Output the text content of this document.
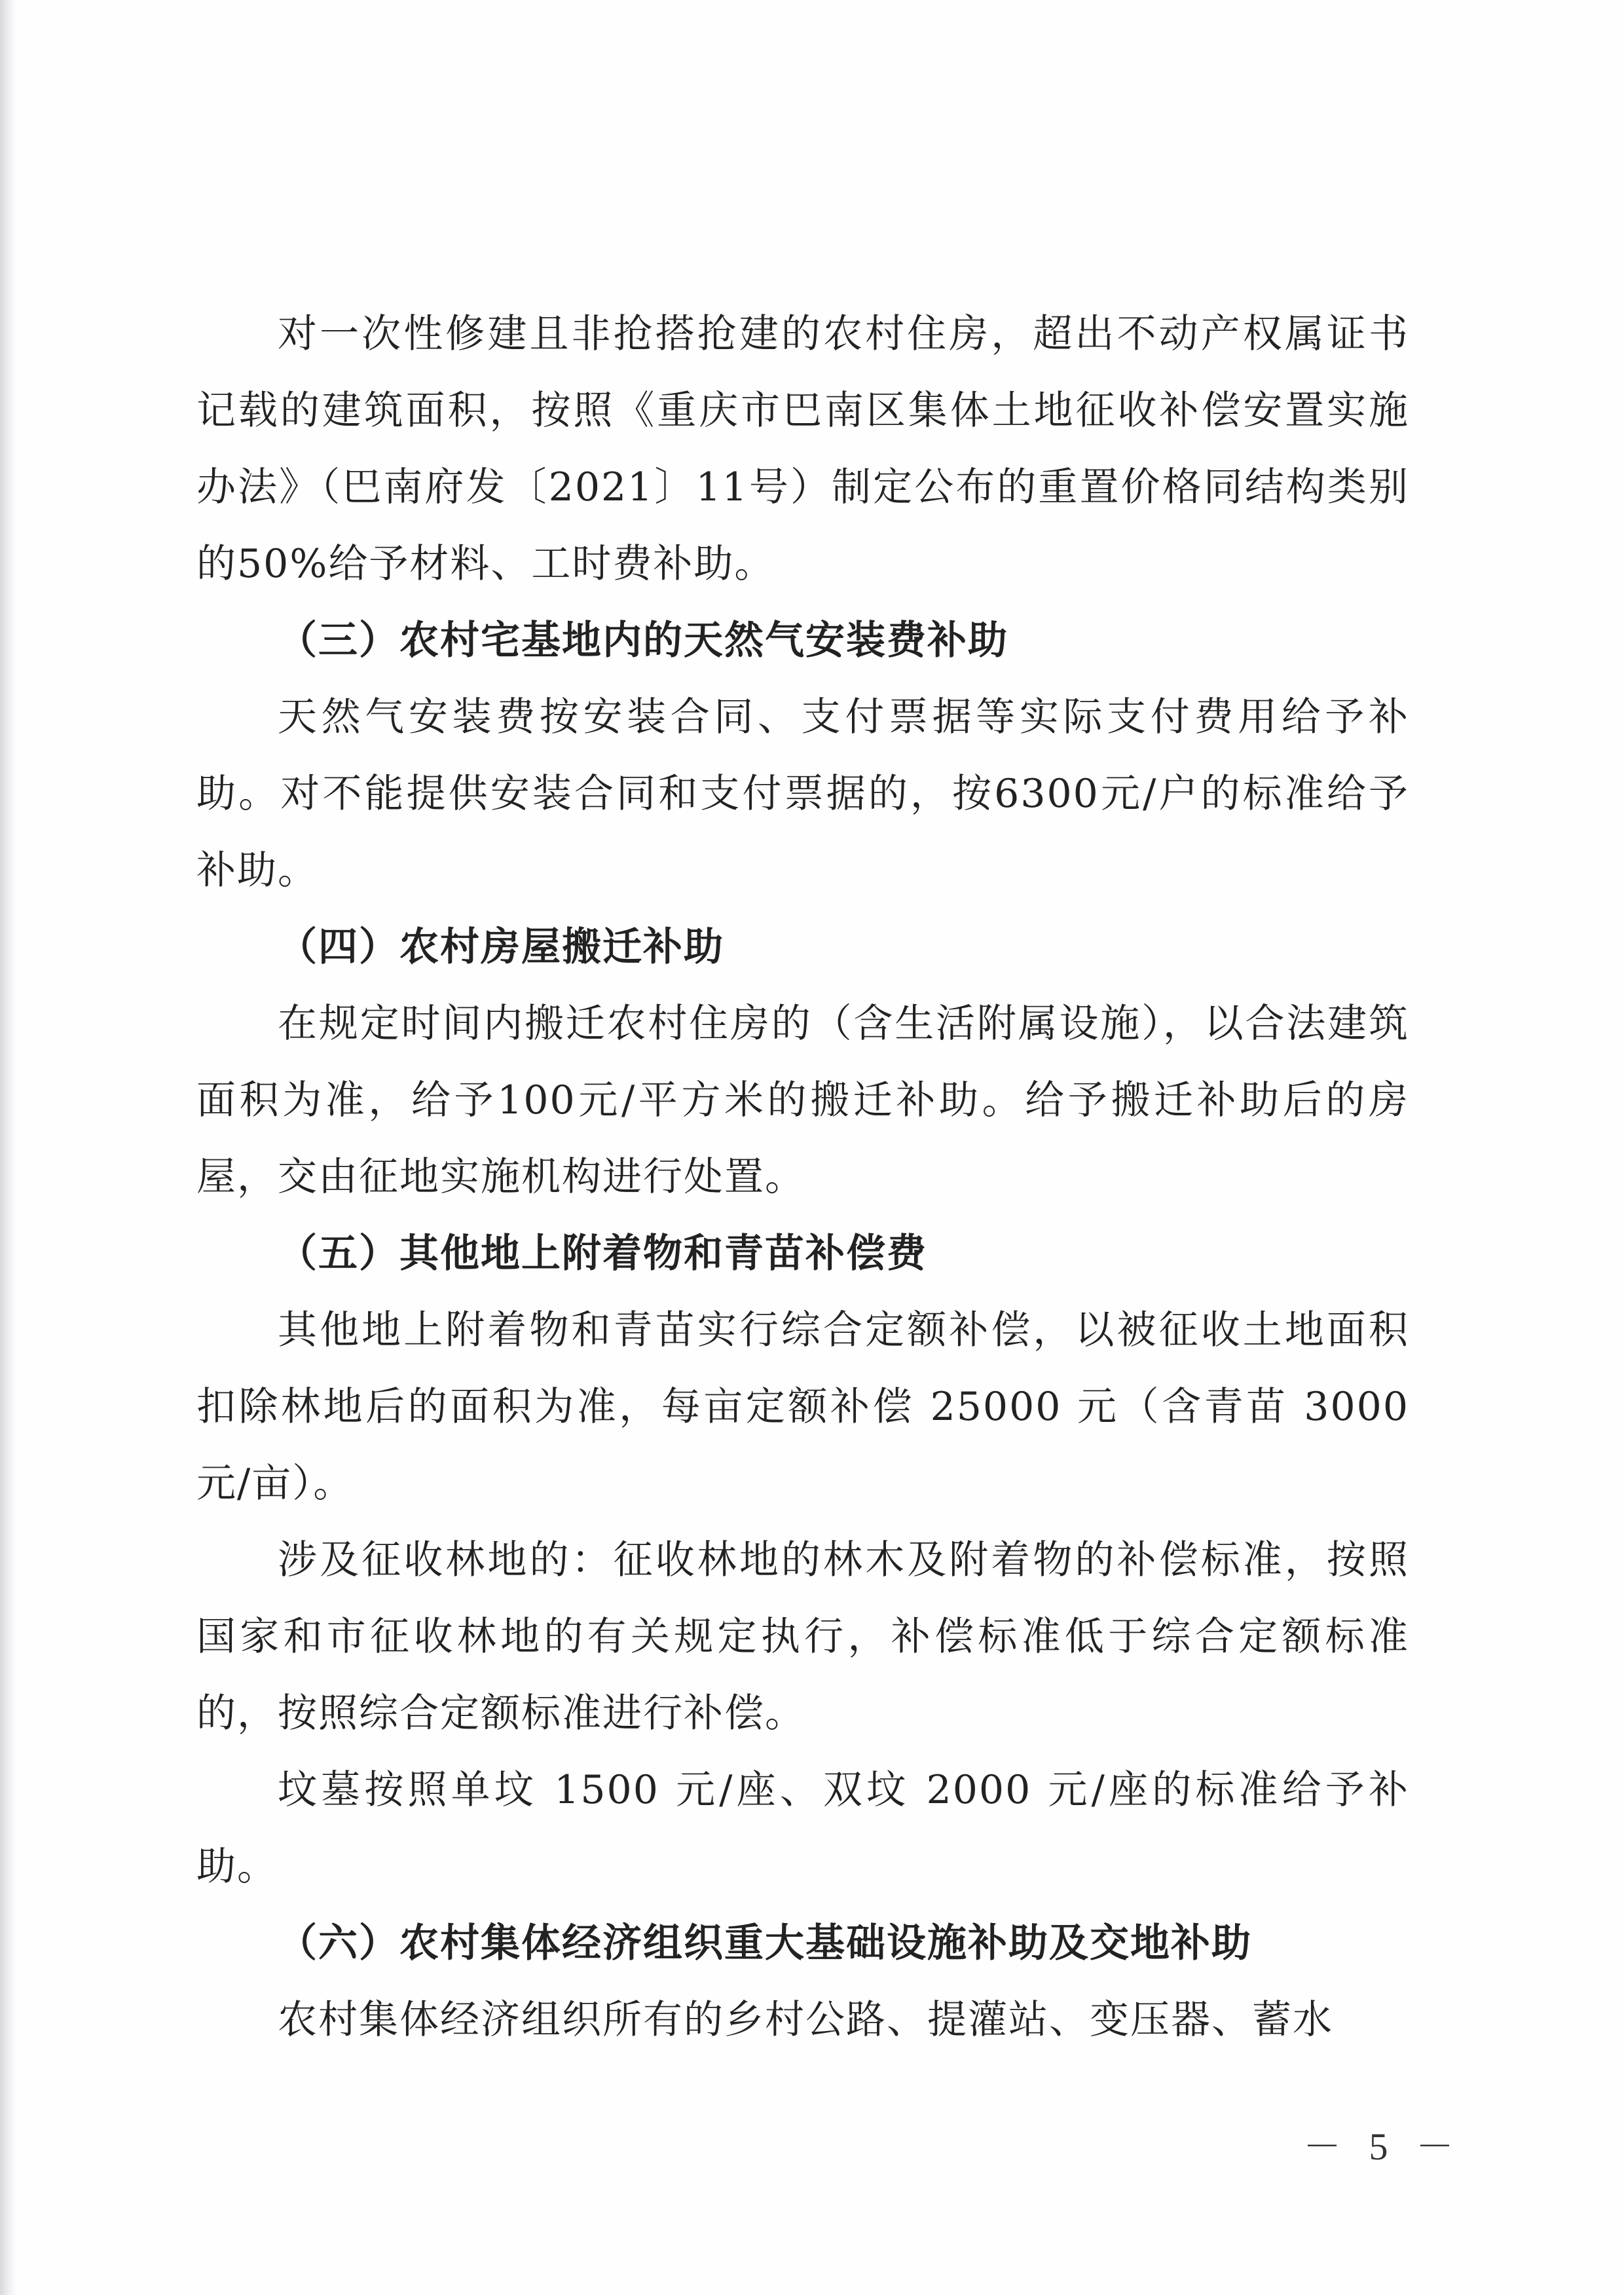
对一次性修建且非抢搭抢建的农村住房，超出不动产权属证书记载的建筑面积，按照《重庆市巴南区集体土地征收补偿安置实施办法》（巴南府发〔2021〕11号）制定公布的重置价格同结构类别的50%给予材料、工时费补助。

（三）农村宅基地内的天然气安装费补助

天然气安装费按安装合同、支付票据等实际支付费用给予补助。对不能提供安装合同和支付票据的，按6300元/户的标准给予补助。

（四）农村房屋搬迁补助

在规定时间内搬迁农村住房的（含生活附属设施），以合法建筑面积为准，给予100元/平方米的搬迁补助。给予搬迁补助后的房屋，交由征地实施机构进行处置。

（五）其他地上附着物和青苗补偿费

其他地上附着物和青苗实行综合定额补偿，以被征收土地面积扣除林地后的面积为准，每亩定额补偿 25000 元（含青苗 3000 元/亩）。

涉及征收林地的：征收林地的林木及附着物的补偿标准，按照国家和市征收林地的有关规定执行，补偿标准低于综合定额标准的，按照综合定额标准进行补偿。

坟墓按照单坟 1500 元/座、双坟 2000 元/座的标准给予补助。

（六）农村集体经济组织重大基础设施补助及交地补助

农村集体经济组织所有的乡村公路、提灌站、变压器、蓄水

－ 5 －
